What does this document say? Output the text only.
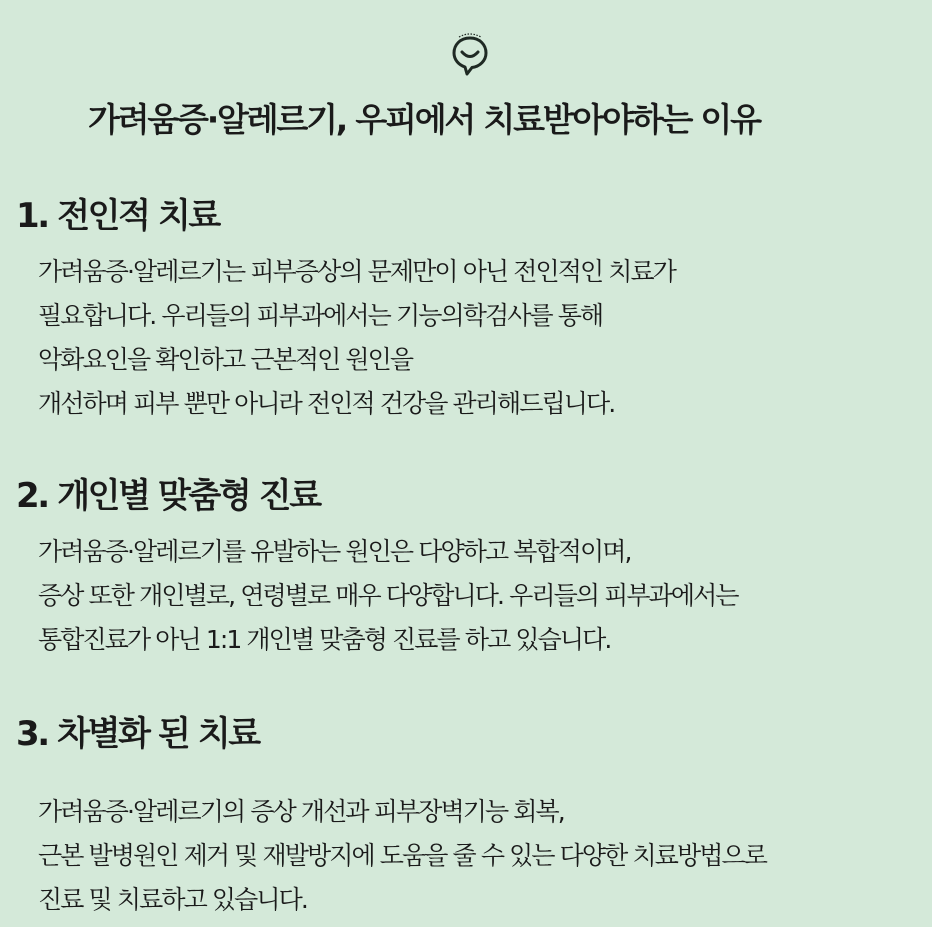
가려움증·알레르기, 우피에서 치료받아야하는 이유
1. 전인적 치료
가려움증·알레르기는 피부증상의 문제만이 아닌 전인적인 치료가
필요합니다. 우리들의 피부과에서는 기능의학검사를 통해
악화요인을 확인하고 근본적인 원인을
개선하며 피부 뿐만 아니라 전인적 건강을 관리해드립니다.
2. 개인별 맞춤형 진료
가려움증·알레르기를 유발하는 원인은 다양하고 복합적이며,
증상 또한 개인별로, 연령별로 매우 다양합니다. 우리들의 피부과에서는
통합진료가 아닌 1:1 개인별 맞춤형 진료를 하고 있습니다.
3. 차별화 된 치료
가려움증·알레르기의 증상 개선과 피부장벽기능 회복,
근본 발병원인 제거 및 재발방지에 도움을 줄 수 있는 다양한 치료방법으로
진료 및 치료하고 있습니다.
